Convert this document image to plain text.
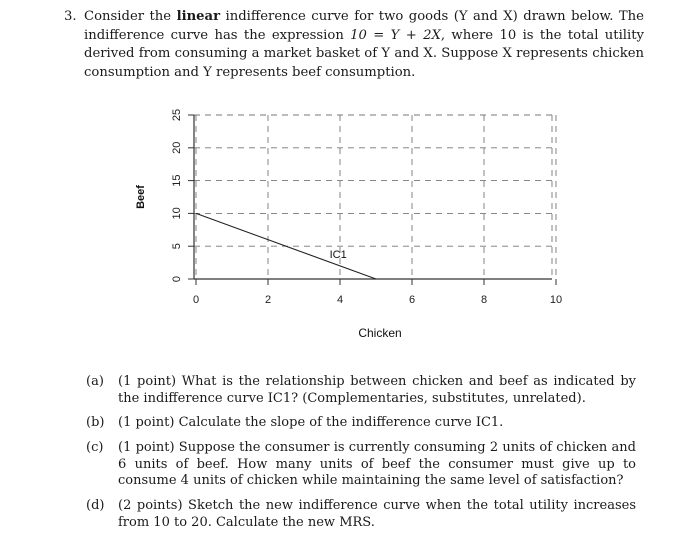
3. Consider the linear indifference curve for two goods (Y and X) drawn below. The indifference curve has the expression 10 = Y + 2X, where 10 is the total utility derived from consuming a market basket of Y and X. Suppose X represents chicken consumption and Y represents beef consumption.
0	2	4	6	8	10
0
5
10
15
20
25
Chicken
Beef
IC1
(a) (1 point) What is the relationship between chicken and beef as indicated by the indifference curve IC1? (Complementaries, substitutes, unrelated).
(b) (1 point) Calculate the slope of the indifference curve IC1.
(c) (1 point) Suppose the consumer is currently consuming 2 units of chicken and 6 units of beef. How many units of beef the consumer must give up to consume 4 units of chicken while maintaining the same level of satisfaction?
(d) (2 points) Sketch the new indifference curve when the total utility increases from 10 to 20. Calculate the new MRS.
